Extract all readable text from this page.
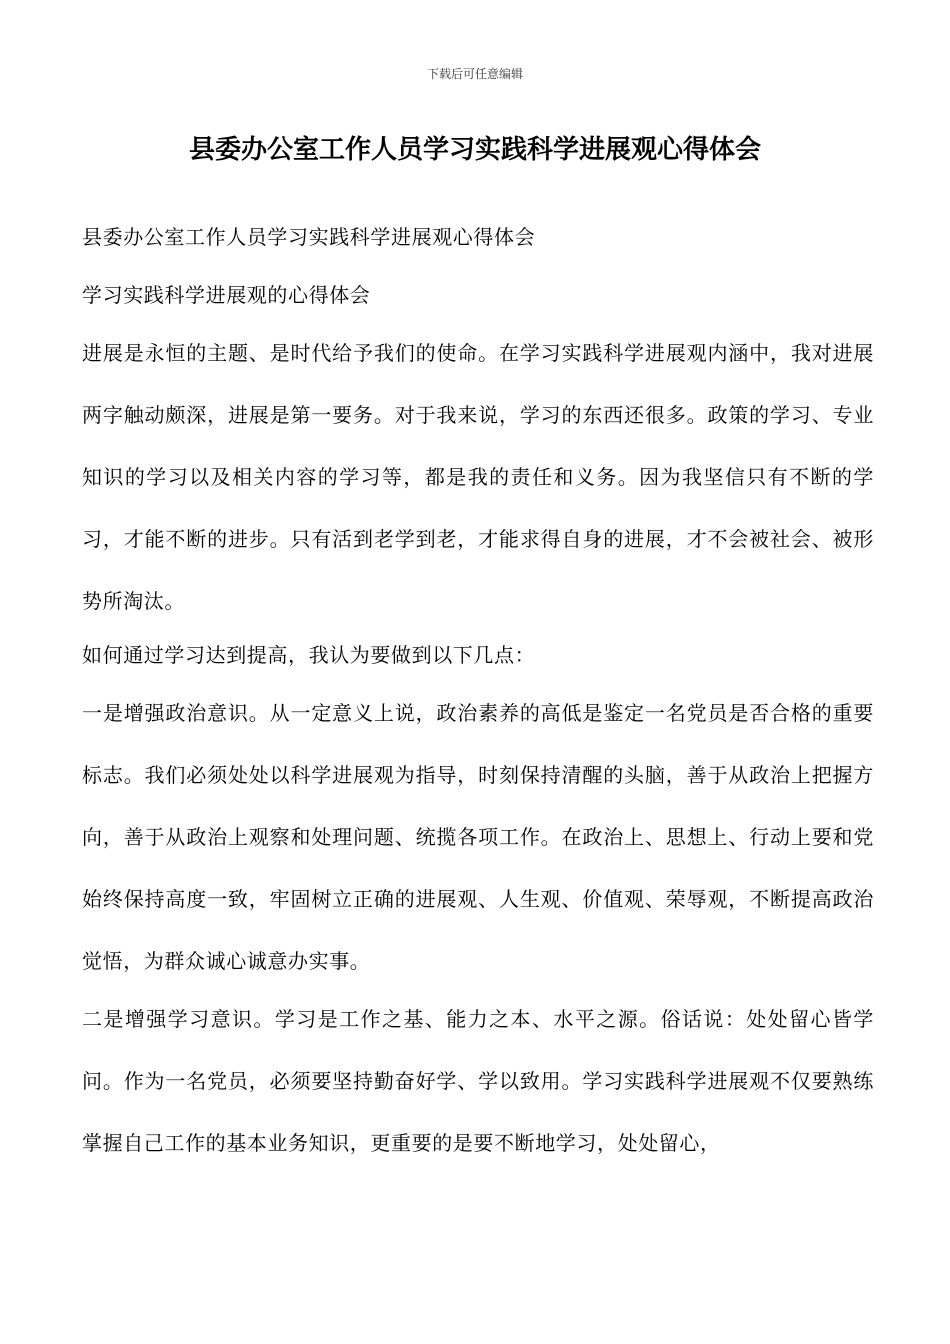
下载后可任意编辑
县委办公室工作人员学习实践科学进展观心得体会

县委办公室工作人员学习实践科学进展观心得体会

学习实践科学进展观的心得体会

进展是永恒的主题、是时代给予我们的使命。在学习实践科学进展观内涵中，我对进展两字触动颇深，进展是第一要务。对于我来说，学习的东西还很多。政策的学习、专业知识的学习以及相关内容的学习等，都是我的责任和义务。因为我坚信只有不断的学习，才能不断的进步。只有活到老学到老，才能求得自身的进展，才不会被社会、被形势所淘汰。

如何通过学习达到提高，我认为要做到以下几点：

一是增强政治意识。从一定意义上说，政治素养的高低是鉴定一名党员是否合格的重要标志。我们必须处处以科学进展观为指导，时刻保持清醒的头脑，善于从政治上把握方向，善于从政治上观察和处理问题、统揽各项工作。在政治上、思想上、行动上要和党始终保持高度一致，牢固树立正确的进展观、人生观、价值观、荣辱观，不断提高政治觉悟，为群众诚心诚意办实事。

二是增强学习意识。学习是工作之基、能力之本、水平之源。俗话说：处处留心皆学问。作为一名党员，必须要坚持勤奋好学、学以致用。学习实践科学进展观不仅要熟练掌握自己工作的基本业务知识，更重要的是要不断地学习，处处留心，
